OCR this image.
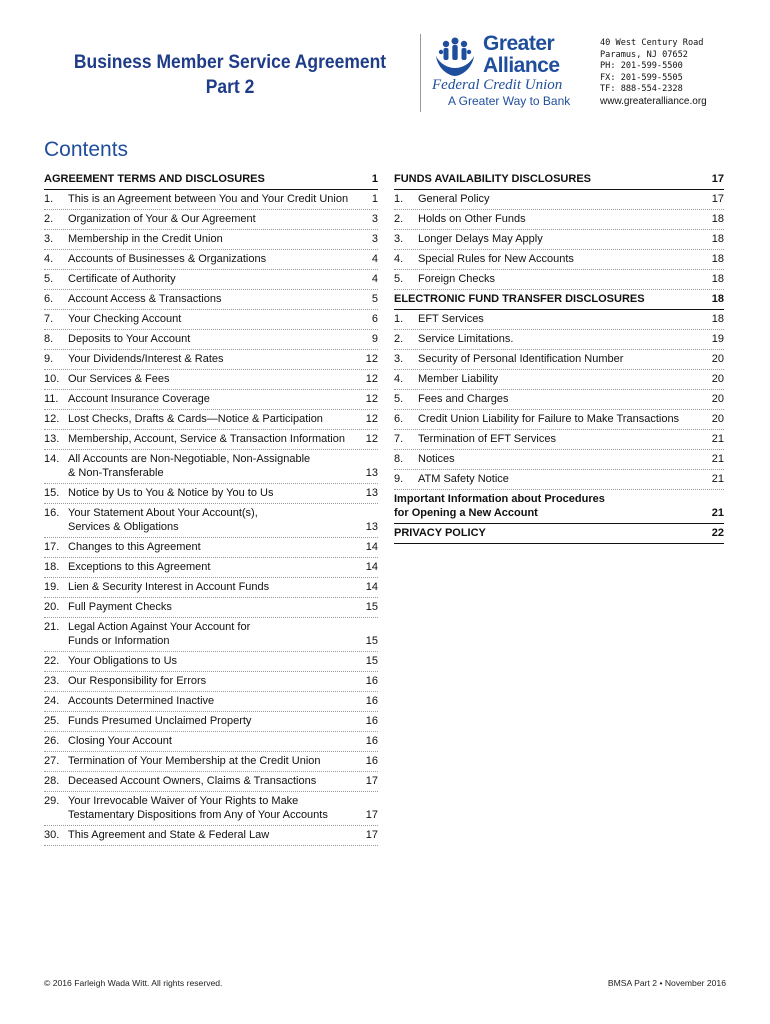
Business Member Service Agreement
Part 2
Greater
Alliance
Federal Credit Union
A Greater Way to Bank
40 West Century Road
Paramus, NJ 07652
PH: 201-599-5500
FX: 201-599-5505
TF: 888-554-2328
www.greateralliance.org
Contents
AGREEMENT TERMS AND DISCLOSURES	1
1.	This is an Agreement between You and Your Credit Union	1
2.	Organization of Your & Our Agreement	3
3.	Membership in the Credit Union	3
4.	Accounts of Businesses & Organizations	4
5.	Certificate of Authority	4
6.	Account Access & Transactions	5
7.	Your Checking Account	6
8.	Deposits to Your Account	9
9.	Your Dividends/Interest & Rates	12
10. Our Services & Fees	12
11. Account Insurance Coverage	12
12. Lost Checks, Drafts & Cards—Notice & Participation	12
13. Membership, Account, Service & Transaction Information	12
14. All Accounts are Non-Negotiable, Non-Assignable
& Non-Transferable	13
15. Notice by Us to You & Notice by You to Us	13
16. Your Statement About Your Account(s),
Services & Obligations	13
17. Changes to this Agreement	14
18. Exceptions to this Agreement	14
19. Lien & Security Interest in Account Funds	14
20. Full Payment Checks	15
21. Legal Action Against Your Account for
Funds or Information	15
22. Your Obligations to Us	15
23. Our Responsibility for Errors	16
24. Accounts Determined Inactive	16
25. Funds Presumed Unclaimed Property	16
26. Closing Your Account	16
27. Termination of Your Membership at the Credit Union	16
28. Deceased Account Owners, Claims & Transactions	17
29. Your Irrevocable Waiver of Your Rights to Make
Testamentary Dispositions from Any of Your Accounts	17
30. This Agreement and State & Federal Law	17
FUNDS AVAILABILITY DISCLOSURES	17
1.	General Policy	17
2.	Holds on Other Funds	18
3.	Longer Delays May Apply	18
4.	Special Rules for New Accounts	18
5.	Foreign Checks	18
ELECTRONIC FUND TRANSFER DISCLOSURES	18
1.	EFT Services	18
2.	Service Limitations.	19
3.	Security of Personal Identification Number	20
4.	Member Liability	20
5.	Fees and Charges	20
6.	Credit Union Liability for Failure to Make Transactions	20
7.	Termination of EFT Services	21
8.	Notices	21
9.	ATM Safety Notice	21
Important Information about Procedures
for Opening a New Account	21
PRIVACY POLICY	22
© 2016 Farleigh Wada Witt. All rights reserved.	BMSA Part 2 • November 2016
